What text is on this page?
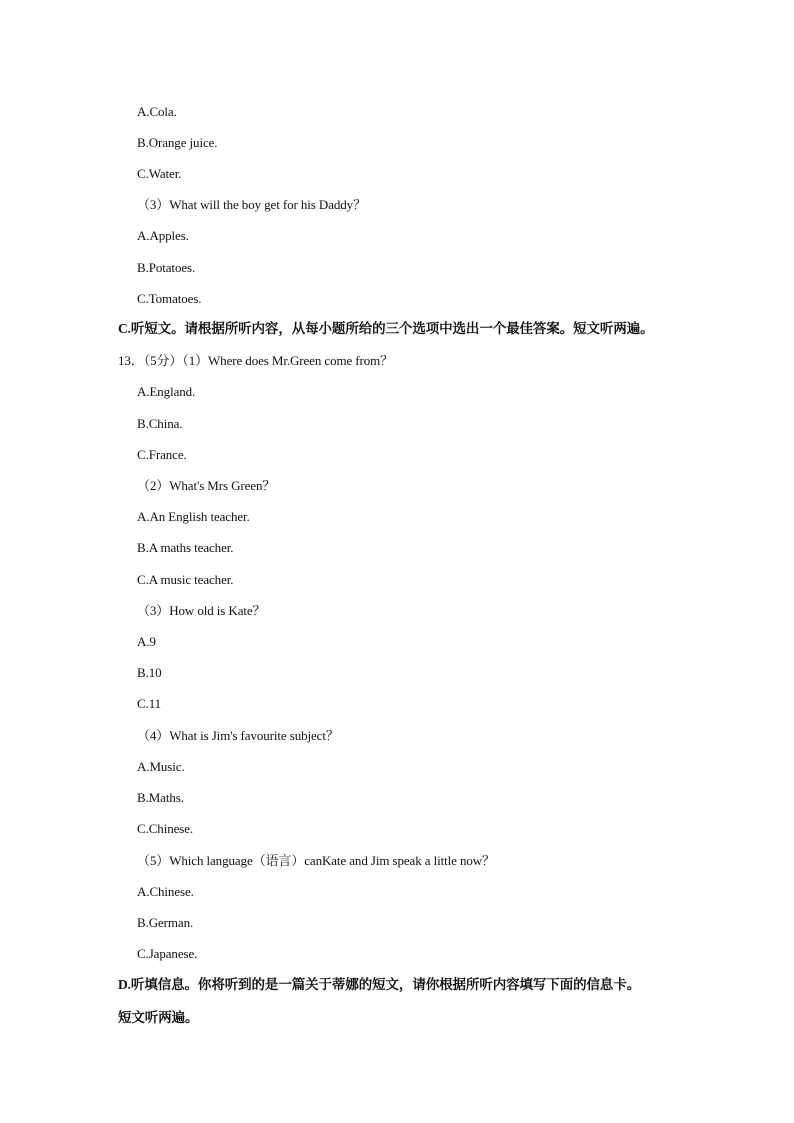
A.Cola.
B.Orange juice.
C.Water.
（3）What will the boy get for his Daddy？
A.Apples.
B.Potatoes.
C.Tomatoes.
C.听短文。请根据所听内容，从每小题所给的三个选项中选出一个最佳答案。短文听两遍。
13．（5分）（1）Where does Mr.Green come from？
A.England.
B.China.
C.France.
（2）What's Mrs Green？
A.An English teacher.
B.A maths teacher.
C.A music teacher.
（3）How old is Kate？
A.9
B.10
C.11
（4）What is Jim's favourite subject？
A.Music.
B.Maths.
C.Chinese.
（5）Which language（语言）canKate and Jim speak a little now？
A.Chinese.
B.German.
C.Japanese.
D.听填信息。你将听到的是一篇关于蒂娜的短文，请你根据所听内容填写下面的信息卡。
短文听两遍。
